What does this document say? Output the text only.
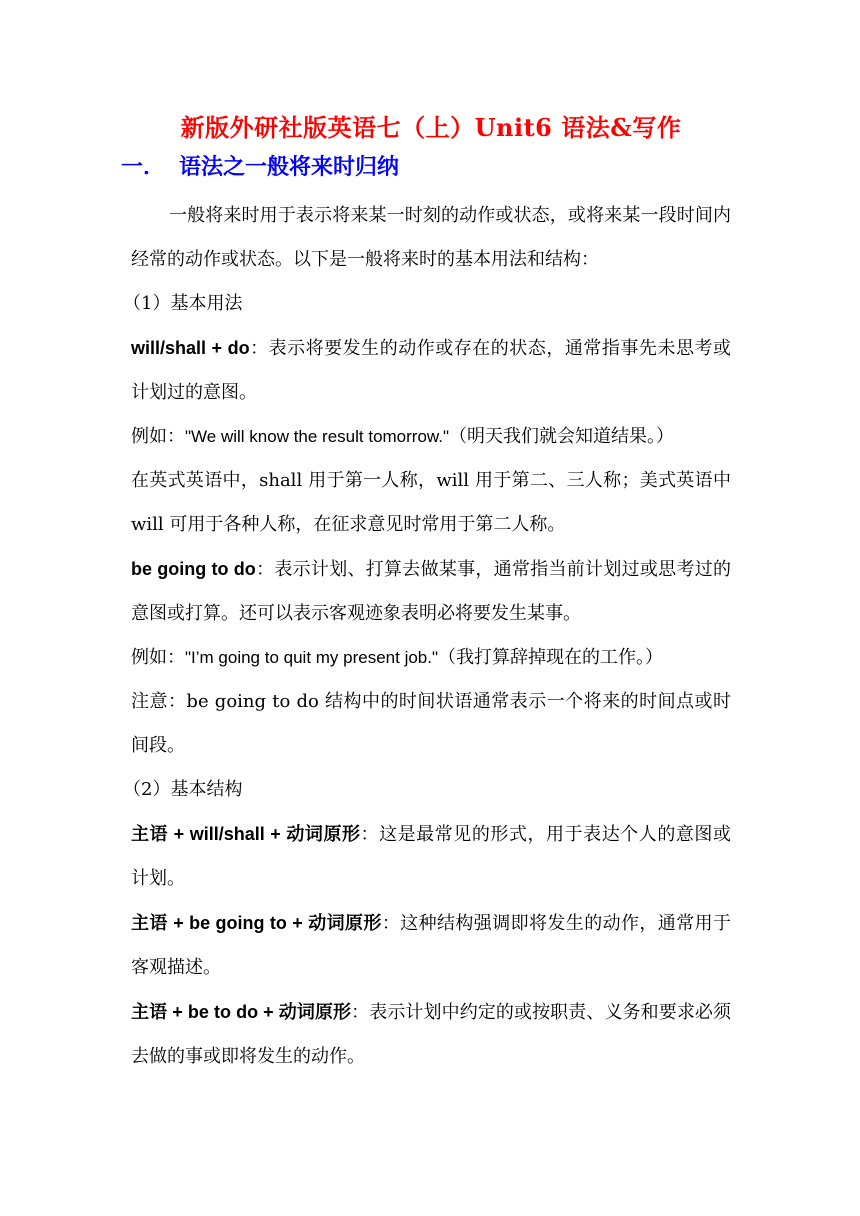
新版外研社版英语七（上）Unit6 语法&写作
一． 语法之一般将来时归纳

一般将来时用于表示将来某一时刻的动作或状态，或将来某一段时间内经常的动作或状态。以下是一般将来时的基本用法和结构：

（1）基本用法

will/shall + do：表示将要发生的动作或存在的状态，通常指事先未思考或计划过的意图。

例如："We will know the result tomorrow."（明天我们就会知道结果。）

在英式英语中，shall 用于第一人称，will 用于第二、三人称；美式英语中 will 可用于各种人称，在征求意见时常用于第二人称。

be going to do：表示计划、打算去做某事，通常指当前计划过或思考过的意图或打算。还可以表示客观迹象表明必将要发生某事。

例如："I’m going to quit my present job."（我打算辞掉现在的工作。）

注意：be going to do 结构中的时间状语通常表示一个将来的时间点或时间段。

（2）基本结构

主语 + will/shall + 动词原形：这是最常见的形式，用于表达个人的意图或计划。

主语 + be going to + 动词原形：这种结构强调即将发生的动作，通常用于客观描述。

主语 + be to do + 动词原形：表示计划中约定的或按职责、义务和要求必须去做的事或即将发生的动作。
